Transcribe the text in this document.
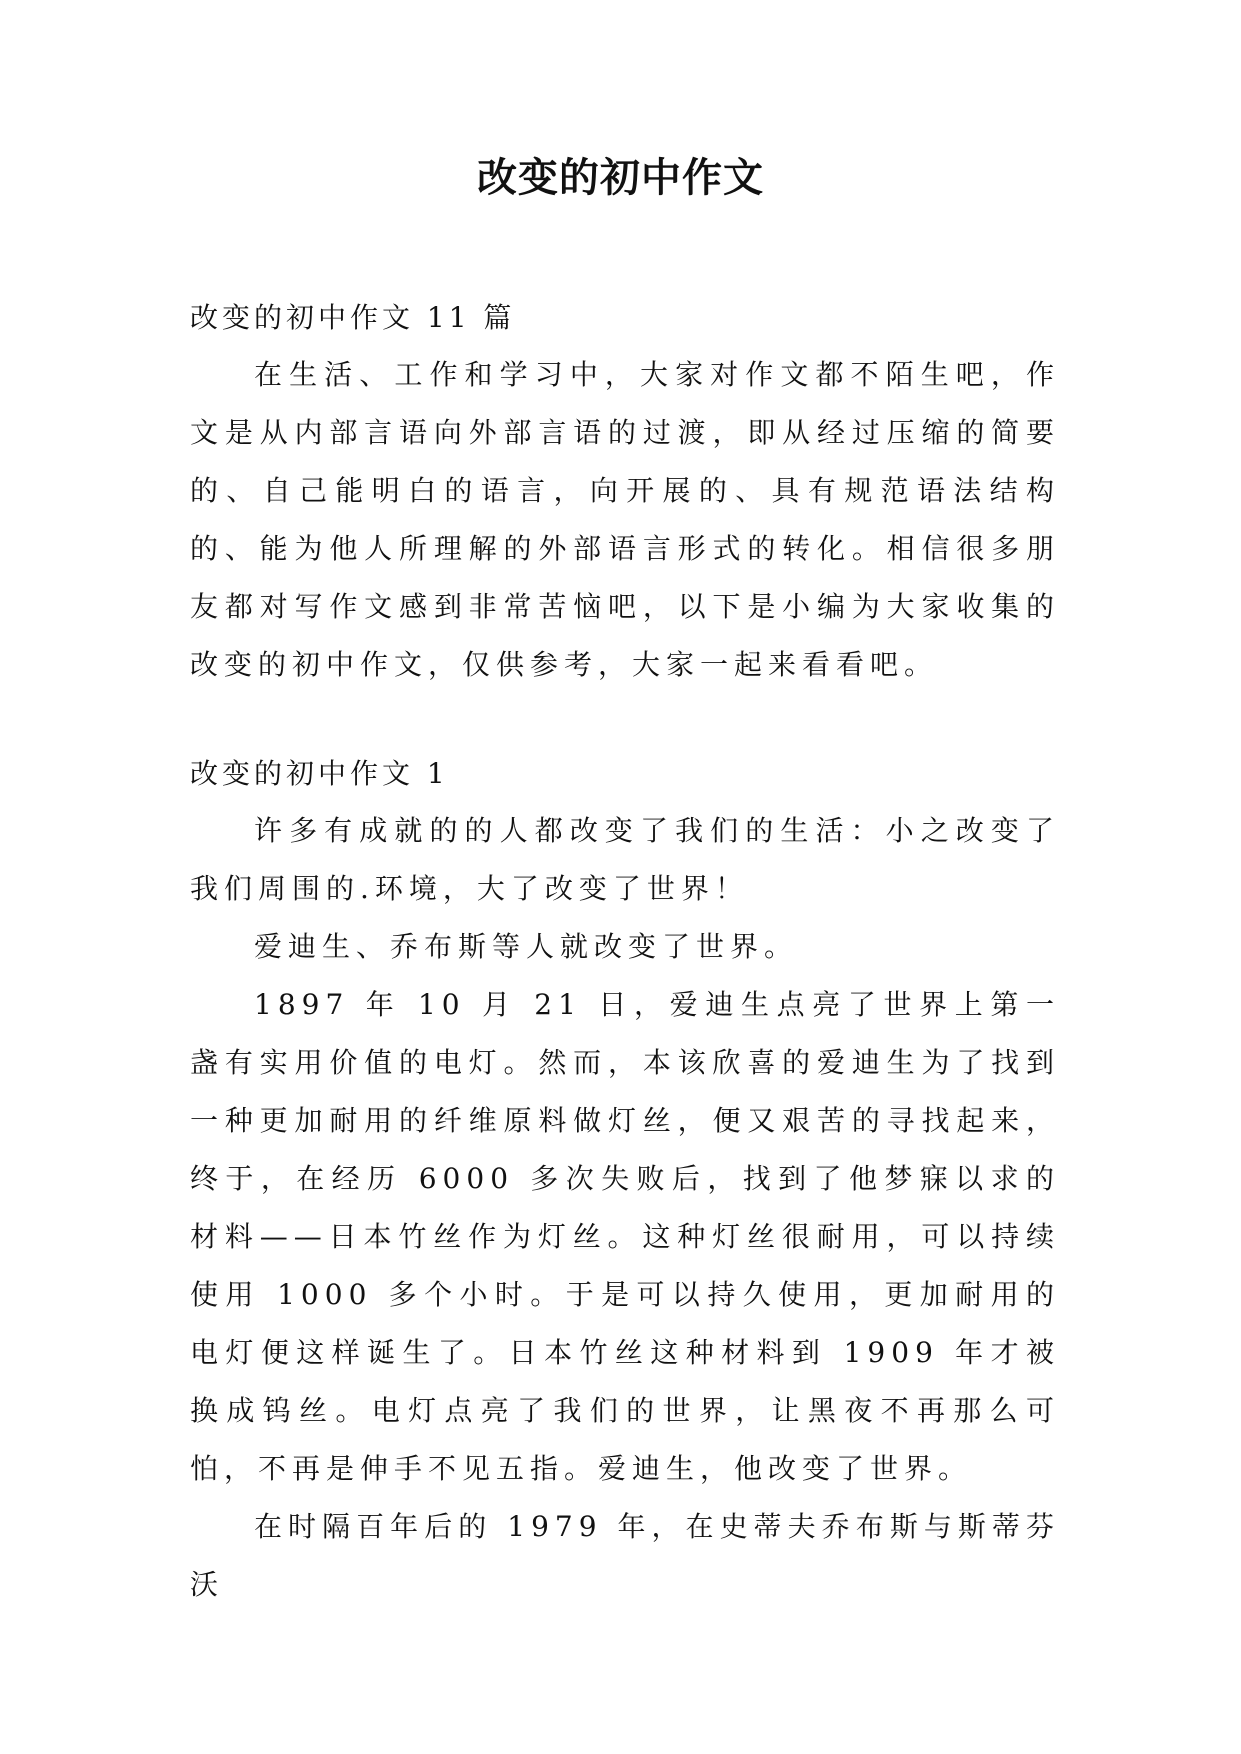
改变的初中作文

改变的初中作文 11 篇

在生活、工作和学习中，大家对作文都不陌生吧，作文是从内部言语向外部言语的过渡，即从经过压缩的简要的、自己能明白的语言，向开展的、具有规范语法结构的、能为他人所理解的外部语言形式的转化。相信很多朋友都对写作文感到非常苦恼吧，以下是小编为大家收集的改变的初中作文，仅供参考，大家一起来看看吧。

改变的初中作文 1

许多有成就的的人都改变了我们的生活：小之改变了我们周围的.环境，大了改变了世界！

爱迪生、乔布斯等人就改变了世界。

1897 年 10 月 21 日，爱迪生点亮了世界上第一盏有实用价值的电灯。然而，本该欣喜的爱迪生为了找到一种更加耐用的纤维原料做灯丝，便又艰苦的寻找起来，终于，在经历 6000 多次失败后，找到了他梦寐以求的材料——日本竹丝作为灯丝。这种灯丝很耐用，可以持续使用 1000 多个小时。于是可以持久使用，更加耐用的电灯便这样诞生了。日本竹丝这种材料到 1909 年才被换成钨丝。电灯点亮了我们的世界，让黑夜不再那么可怕，不再是伸手不见五指。爱迪生，他改变了世界。

在时隔百年后的 1979 年，在史蒂夫乔布斯与斯蒂芬沃
